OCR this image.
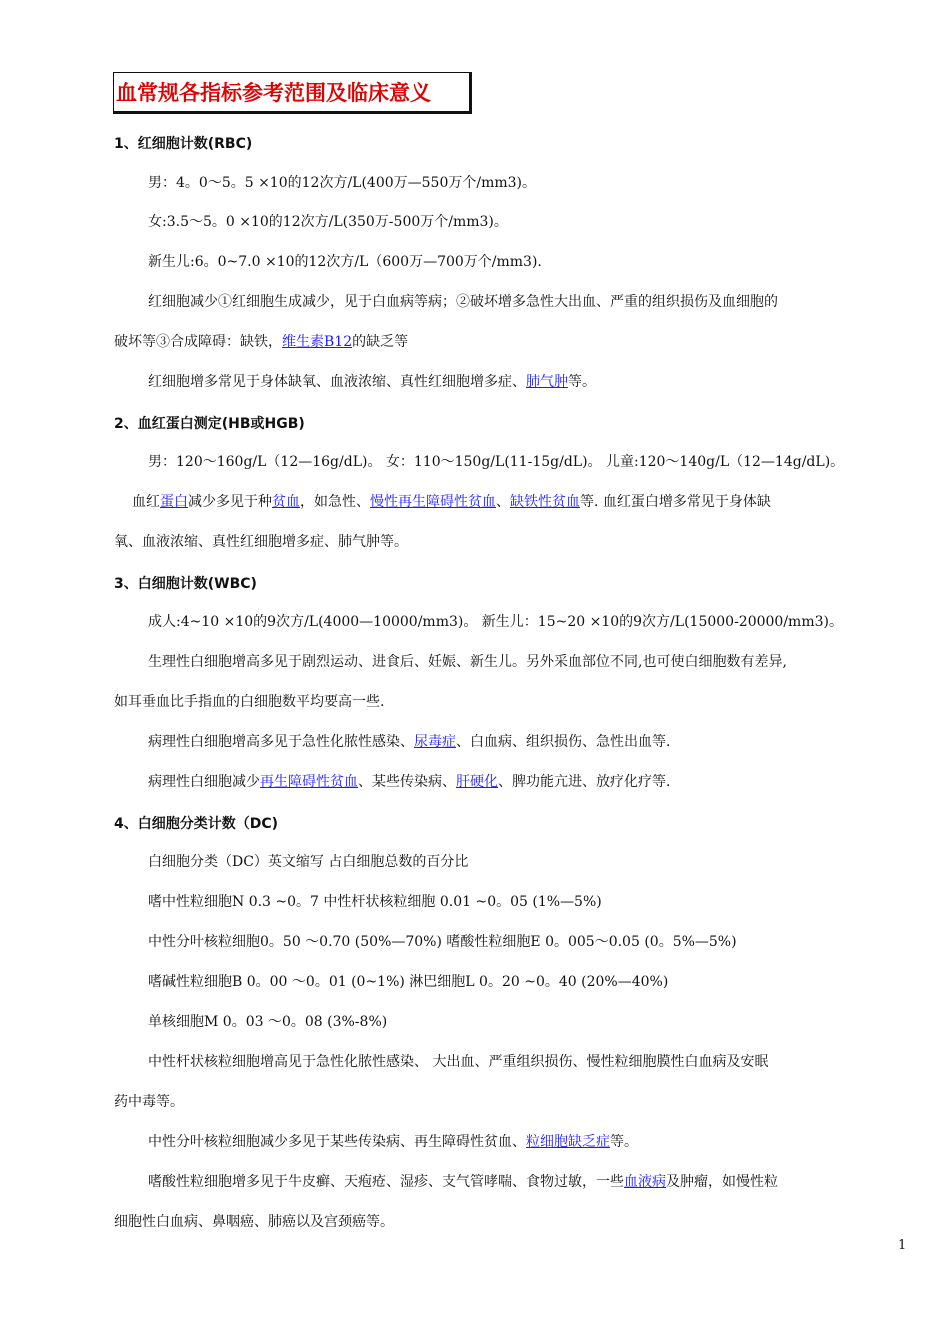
血常规各指标参考范围及临床意义
1、红细胞计数(RBC)
男：4。0～5。5 ×10的12次方/L(400万—550万个/mm3)。
女:3.5～5。0 ×10的12次方/L(350万-500万个/mm3)。
新生儿:6。0~7.0 ×10的12次方/L（600万—700万个/mm3).
红细胞减少①红细胞生成减少，见于白血病等病；②破坏增多急性大出血、严重的组织损伤及血细胞的
破坏等③合成障碍：缺铁，维生素B12的缺乏等
红细胞增多常见于身体缺氧、血液浓缩、真性红细胞增多症、肺气肿等。
2、血红蛋白测定(HB或HGB)
男：120～160g/L（12—16g/dL)。 女：110～150g/L(11-15g/dL)。 儿童:120～140g/L（12—14g/dL)。
血红蛋白减少多见于种贫血，如急性、慢性再生障碍性贫血、缺铁性贫血等. 血红蛋白增多常见于身体缺
氧、血液浓缩、真性红细胞增多症、肺气肿等。
3、白细胞计数(WBC)
成人:4~10 ×10的9次方/L(4000—10000/mm3)。 新生儿：15~20 ×10的9次方/L(15000-20000/mm3)。
生理性白细胞增高多见于剧烈运动、进食后、妊娠、新生儿。另外采血部位不同,也可使白细胞数有差异,
如耳垂血比手指血的白细胞数平均要高一些.
病理性白细胞增高多见于急性化脓性感染、尿毒症、白血病、组织损伤、急性出血等.
病理性白细胞减少再生障碍性贫血、某些传染病、肝硬化、脾功能亢进、放疗化疗等.
4、白细胞分类计数（DC)
白细胞分类（DC）英文缩写 占白细胞总数的百分比
嗜中性粒细胞N 0.3 ~0。7 中性杆状核粒细胞 0.01 ~0。05 (1%—5%)
中性分叶核粒细胞0。50 ～0.70 (50%—70%) 嗜酸性粒细胞E 0。005～0.05 (0。5%—5%)
嗜碱性粒细胞B 0。00 ～0。01 (0~1%) 淋巴细胞L 0。20 ~0。40 (20%—40%)
单核细胞M 0。03 ～0。08 (3%-8%)
中性杆状核粒细胞增高见于急性化脓性感染、 大出血、严重组织损伤、慢性粒细胞膜性白血病及安眠
药中毒等。
中性分叶核粒细胞减少多见于某些传染病、再生障碍性贫血、粒细胞缺乏症等。
嗜酸性粒细胞增多见于牛皮癣、天疱疮、湿疹、支气管哮喘、食物过敏，一些血液病及肿瘤，如慢性粒
细胞性白血病、鼻咽癌、肺癌以及宫颈癌等。
1
